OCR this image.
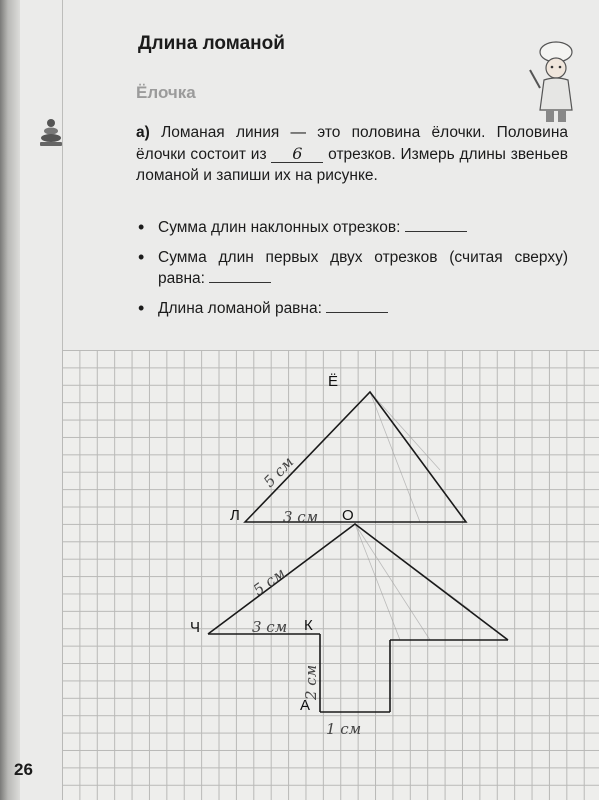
Длина ломаной
Ёлочка

а) Ломаная линия — это половина ёлочки. Половина ёлочки состоит из 6 отрезков. Измерь длины звеньев ломаной и запиши их на рисунке.

• Сумма длин наклонных отрезков:
• Сумма длин первых двух отрезков (считая сверху) равна:
• Длина ломаной равна:
Ё
Л	О
Ч	К
А
5 см
3 см
5 см
3 см
2 см
1 см
26
